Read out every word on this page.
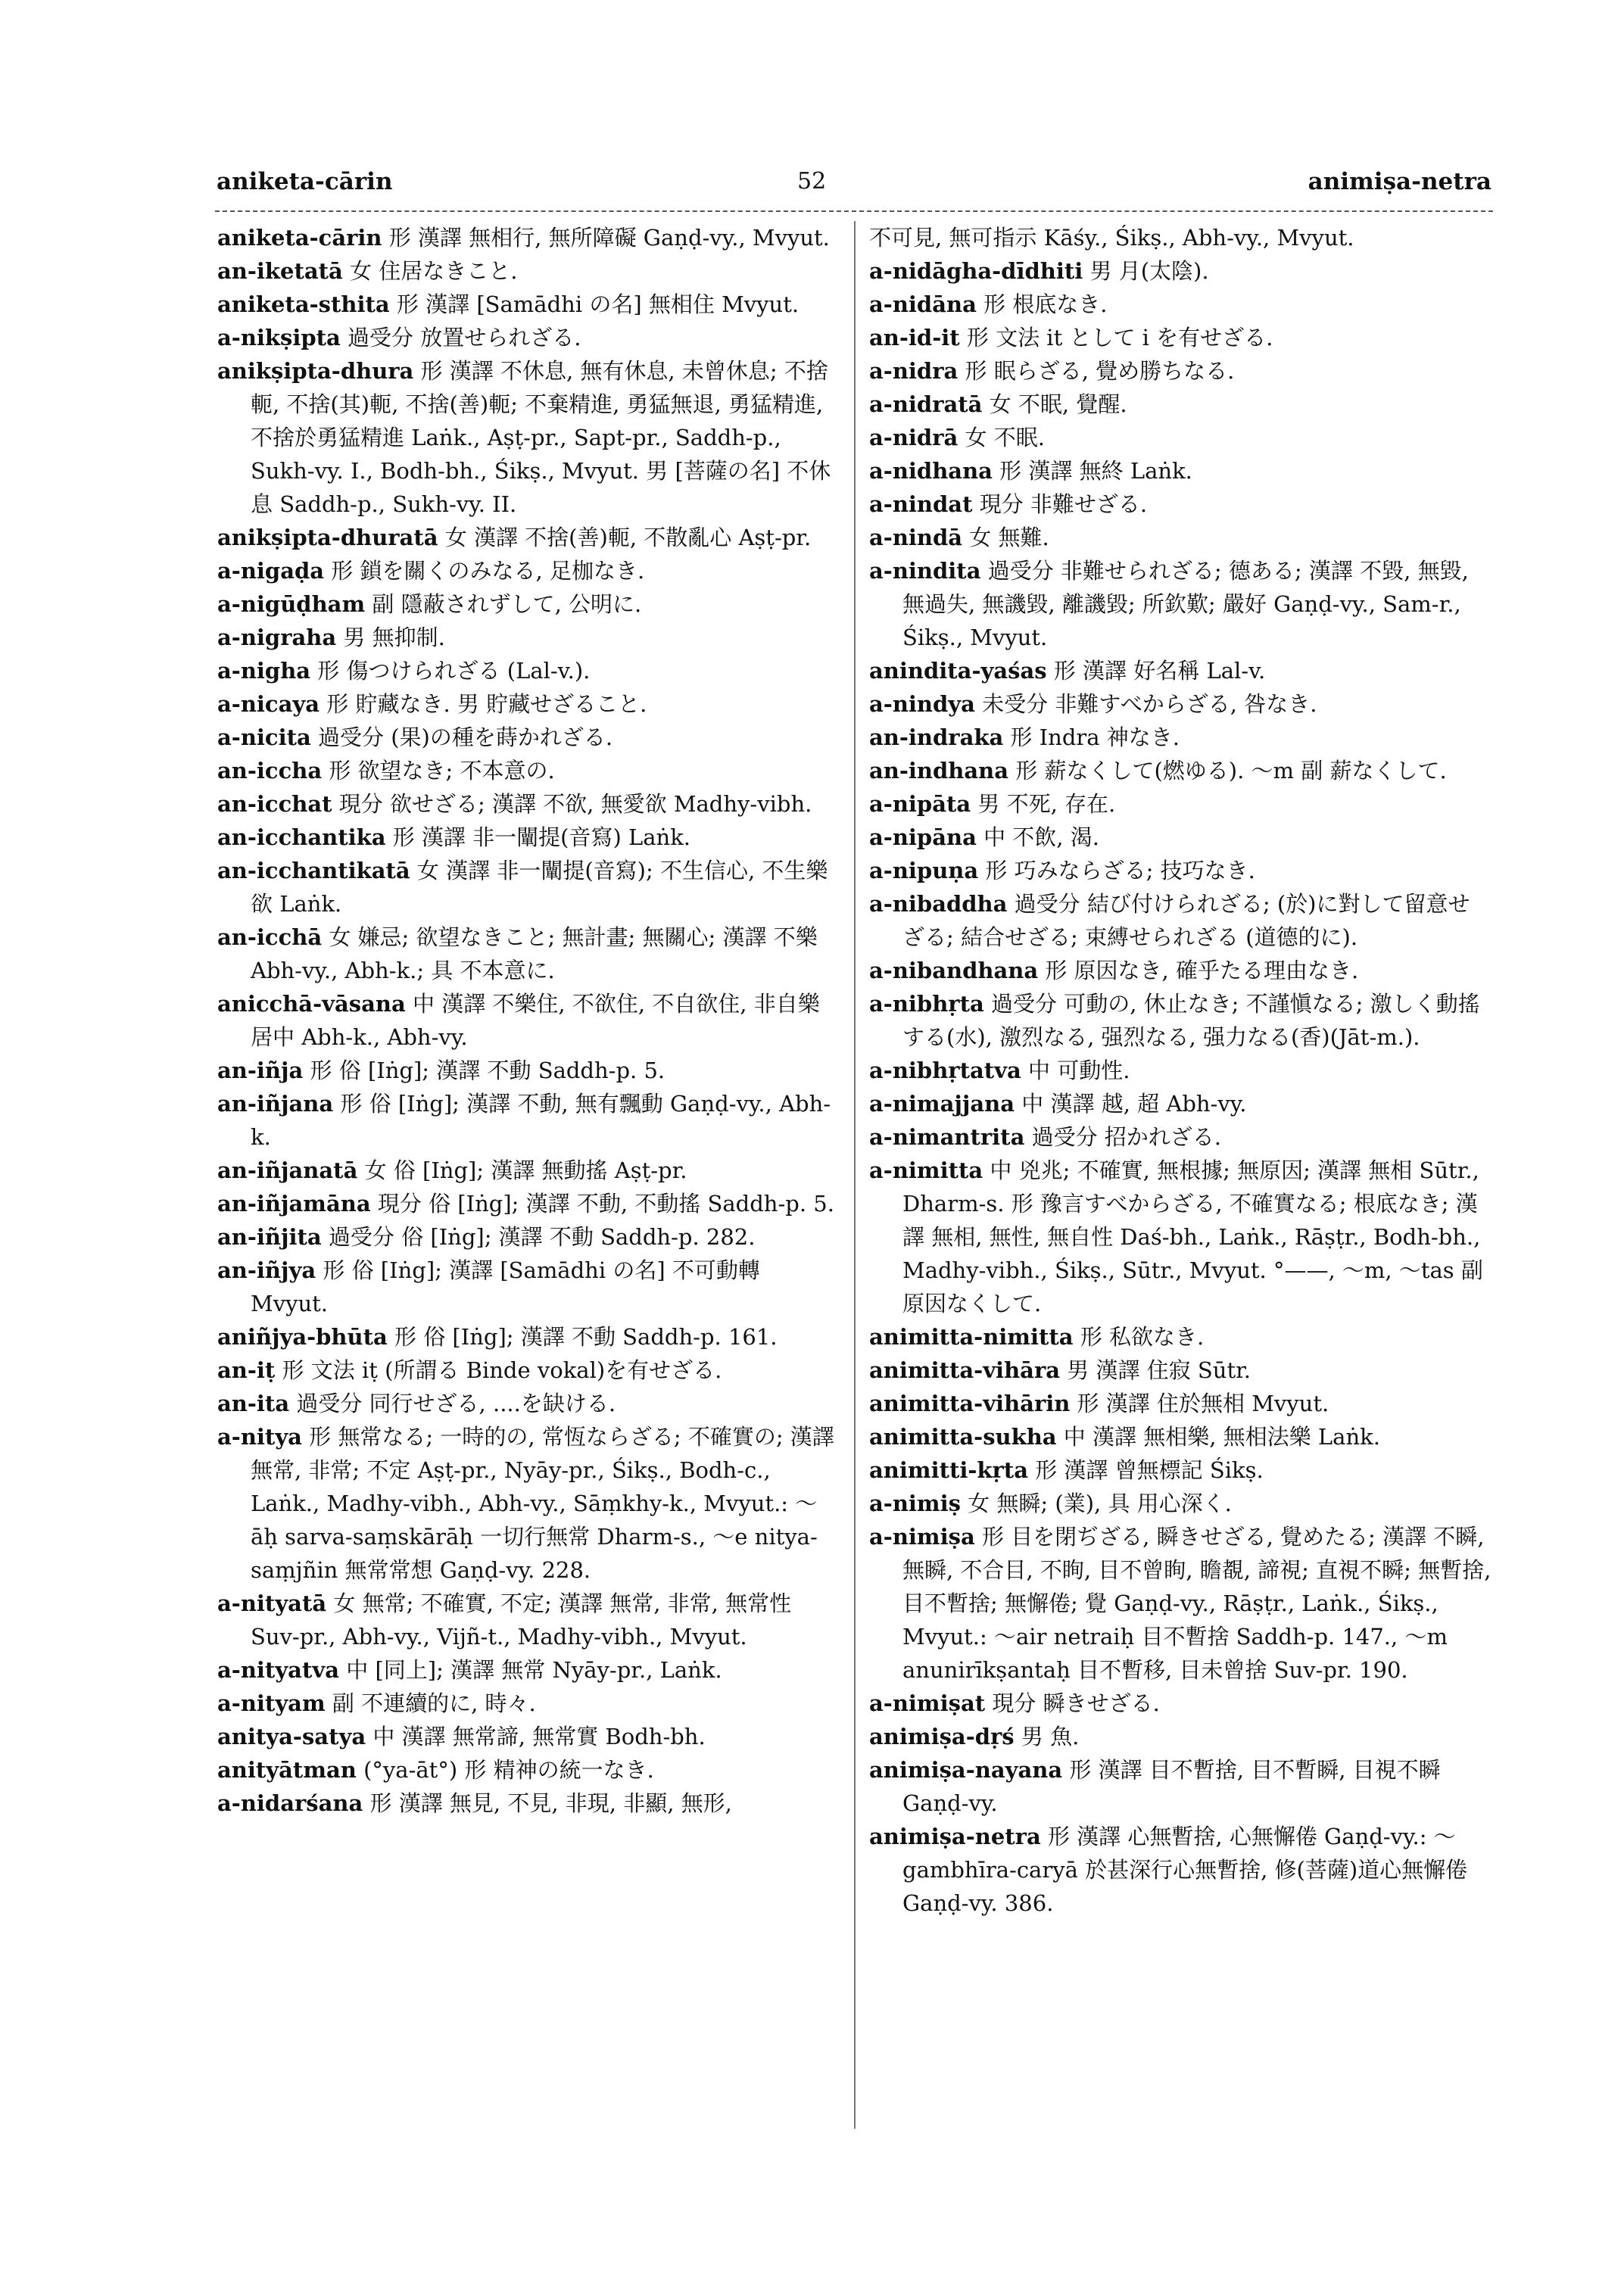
aniketa-cārin	52	animiṣa-netra
aniketa-cārin 形 漢譯 無相行, 無所障礙 Gaṇḍ-vy., Mvyut.
an-iketatā 女 住居なきこと.
aniketa-sthita 形 漢譯 [Samādhi の名] 無相住 Mvyut.
a-nikṣipta 過受分 放置せられざる.
anikṣipta-dhura 形 漢譯 不休息, 無有休息, 未曾休息; 不捨軛, 不捨(其)軛, 不捨(善)軛; 不棄精進, 勇猛無退, 勇猛精進, 不捨於勇猛精進 Laṅk., Aṣṭ-pr., Sapt-pr., Saddh-p., Sukh-vy. I., Bodh-bh., Śikṣ., Mvyut. 男 [菩薩の名] 不休息 Saddh-p., Sukh-vy. II.
anikṣipta-dhuratā 女 漢譯 不捨(善)軛, 不散亂心 Aṣṭ-pr.
a-nigaḍa 形 鎖を關くのみなる, 足枷なき.
a-nigūḍham 副 隱蔽されずして, 公明に.
a-nigraha 男 無抑制.
a-nigha 形 傷つけられざる (Lal-v.).
a-nicaya 形 貯藏なき. 男 貯藏せざること.
a-nicita 過受分 (果)の種を蒔かれざる.
an-iccha 形 欲望なき; 不本意の.
an-icchat 現分 欲せざる; 漢譯 不欲, 無愛欲 Madhy-vibh.
an-icchantika 形 漢譯 非一闡提(音寫) Laṅk.
an-icchantikatā 女 漢譯 非一闡提(音寫); 不生信心, 不生樂欲 Laṅk.
an-icchā 女 嫌忌; 欲望なきこと; 無計畫; 無關心; 漢譯 不樂 Abh-vy., Abh-k.; 具 不本意に.
anicchā-vāsana 中 漢譯 不樂住, 不欲住, 不自欲住, 非自樂居中 Abh-k., Abh-vy.
an-iñja 形 俗 [Iṅg]; 漢譯 不動 Saddh-p. 5.
an-iñjana 形 俗 [Iṅg]; 漢譯 不動, 無有飄動 Gaṇḍ-vy., Abh-k.
an-iñjanatā 女 俗 [Iṅg]; 漢譯 無動搖 Aṣṭ-pr.
an-iñjamāna 現分 俗 [Iṅg]; 漢譯 不動, 不動搖 Saddh-p. 5.
an-iñjita 過受分 俗 [Iṅg]; 漢譯 不動 Saddh-p. 282.
an-iñjya 形 俗 [Iṅg]; 漢譯 [Samādhi の名] 不可動轉 Mvyut.
aniñjya-bhūta 形 俗 [Iṅg]; 漢譯 不動 Saddh-p. 161.
an-iṭ 形 文法 iṭ (所謂る Binde vokal)を有せざる.
an-ita 過受分 同行せざる, ....を缺ける.
a-nitya 形 無常なる; 一時的の, 常恆ならざる; 不確實の; 漢譯 無常, 非常; 不定 Aṣṭ-pr., Nyāy-pr., Śikṣ., Bodh-c., Laṅk., Madhy-vibh., Abh-vy., Sāṃkhy-k., Mvyut.: ～āḥ sarva-saṃskārāḥ 一切行無常 Dharm-s., ～e nitya-saṃjñin 無常常想 Gaṇḍ-vy. 228.
a-nityatā 女 無常; 不確實, 不定; 漢譯 無常, 非常, 無常性 Suv-pr., Abh-vy., Vijñ-t., Madhy-vibh., Mvyut.
a-nityatva 中 [同上]; 漢譯 無常 Nyāy-pr., Laṅk.
a-nityam 副 不連續的に, 時々.
anitya-satya 中 漢譯 無常諦, 無常實 Bodh-bh.
anityātman (°ya-āt°) 形 精神の統一なき.
a-nidarśana 形 漢譯 無見, 不見, 非現, 非顯, 無形,
不可見, 無可指示 Kāśy., Śikṣ., Abh-vy., Mvyut.
a-nidāgha-dīdhiti 男 月(太陰).
a-nidāna 形 根底なき.
an-id-it 形 文法 it として i を有せざる.
a-nidra 形 眠らざる, 覺め勝ちなる.
a-nidratā 女 不眠, 覺醒.
a-nidrā 女 不眠.
a-nidhana 形 漢譯 無終 Laṅk.
a-nindat 現分 非難せざる.
a-nindā 女 無難.
a-nindita 過受分 非難せられざる; 德ある; 漢譯 不毀, 無毀, 無過失, 無譏毀, 離譏毀; 所欽歎; 嚴好 Gaṇḍ-vy., Sam-r., Śikṣ., Mvyut.
anindita-yaśas 形 漢譯 好名稱 Lal-v.
a-nindya 未受分 非難すべからざる, 咎なき.
an-indraka 形 Indra 神なき.
an-indhana 形 薪なくして(燃ゆる). ～m 副 薪なくして.
a-nipāta 男 不死, 存在.
a-nipāna 中 不飲, 渴.
a-nipuṇa 形 巧みならざる; 技巧なき.
a-nibaddha 過受分 結び付けられざる; (於)に對して留意せざる; 結合せざる; 束縛せられざる (道德的に).
a-nibandhana 形 原因なき, 確乎たる理由なき.
a-nibhṛta 過受分 可動の, 休止なき; 不謹愼なる; 激しく動搖する(水), 激烈なる, 强烈なる, 强力なる(香)(Jāt-m.).
a-nibhṛtatva 中 可動性.
a-nimajjana 中 漢譯 越, 超 Abh-vy.
a-nimantrita 過受分 招かれざる.
a-nimitta 中 兇兆; 不確實, 無根據; 無原因; 漢譯 無相 Sūtr., Dharm-s. 形 豫言すべからざる, 不確實なる; 根底なき; 漢譯 無相, 無性, 無自性 Daś-bh., Laṅk., Rāṣṭr., Bodh-bh., Madhy-vibh., Śikṣ., Sūtr., Mvyut. °——, ～m, ～tas 副 原因なくして.
animitta-nimitta 形 私欲なき.
animitta-vihāra 男 漢譯 住寂 Sūtr.
animitta-vihārin 形 漢譯 住於無相 Mvyut.
animitta-sukha 中 漢譯 無相樂, 無相法樂 Laṅk.
animitti-kṛta 形 漢譯 曾無標記 Śikṣ.
a-nimiṣ 女 無瞬; (業), 具 用心深く.
a-nimiṣa 形 目を閉ぢざる, 瞬きせざる, 覺めたる; 漢譯 不瞬, 無瞬, 不合目, 不眴, 目不曾眴, 瞻覩, 諦視; 直視不瞬; 無暫捨, 目不暫捨; 無懈倦; 覺 Gaṇḍ-vy., Rāṣṭr., Laṅk., Śikṣ., Mvyut.: ～air netraiḥ 目不暫捨 Saddh-p. 147., ～m anunirīkṣantaḥ 目不暫移, 目未曾捨 Suv-pr. 190.
a-nimiṣat 現分 瞬きせざる.
animiṣa-dṛś 男 魚.
animiṣa-nayana 形 漢譯 目不暫捨, 目不暫瞬, 目視不瞬 Gaṇḍ-vy.
animiṣa-netra 形 漢譯 心無暫捨, 心無懈倦 Gaṇḍ-vy.: ～gambhīra-caryā 於甚深行心無暫捨, 修(菩薩)道心無懈倦 Gaṇḍ-vy. 386.
